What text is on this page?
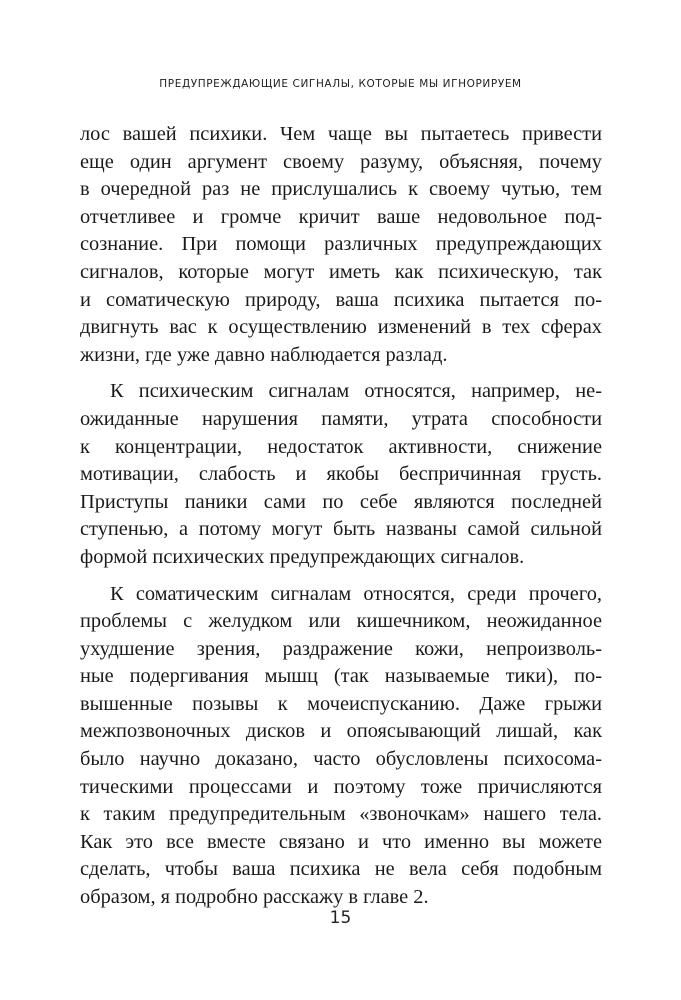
ПРЕДУПРЕЖДАЮЩИЕ СИГНАЛЫ, КОТОРЫЕ МЫ ИГНОРИРУЕМ

лос вашей психики. Чем чаще вы пытаетесь привести
еще один аргумент своему разуму, объясняя, почему
в очередной раз не прислушались к своему чутью, тем
отчетливее и громче кричит ваше недовольное под-
сознание. При помощи различных предупреждающих
сигналов, которые могут иметь как психическую, так
и соматическую природу, ваша психика пытается по-
двигнуть вас к осуществлению изменений в тех сферах
жизни, где уже давно наблюдается разлад.

К психическим сигналам относятся, например, не-
ожиданные нарушения памяти, утрата способности
к концентрации, недостаток активности, снижение
мотивации, слабость и якобы беспричинная грусть.
Приступы паники сами по себе являются последней
ступенью, а потому могут быть названы самой сильной
формой психических предупреждающих сигналов.

К соматическим сигналам относятся, среди прочего,
проблемы с желудком или кишечником, неожиданное
ухудшение зрения, раздражение кожи, непроизволь-
ные подергивания мышц (так называемые тики), по-
вышенные позывы к мочеиспусканию. Даже грыжи
межпозвоночных дисков и опоясывающий лишай, как
было научно доказано, часто обусловлены психосома-
тическими процессами и поэтому тоже причисляются
к таким предупредительным «звоночкам» нашего тела.
Как это все вместе связано и что именно вы можете
сделать, чтобы ваша психика не вела себя подобным
образом, я подробно расскажу в главе 2.

15
